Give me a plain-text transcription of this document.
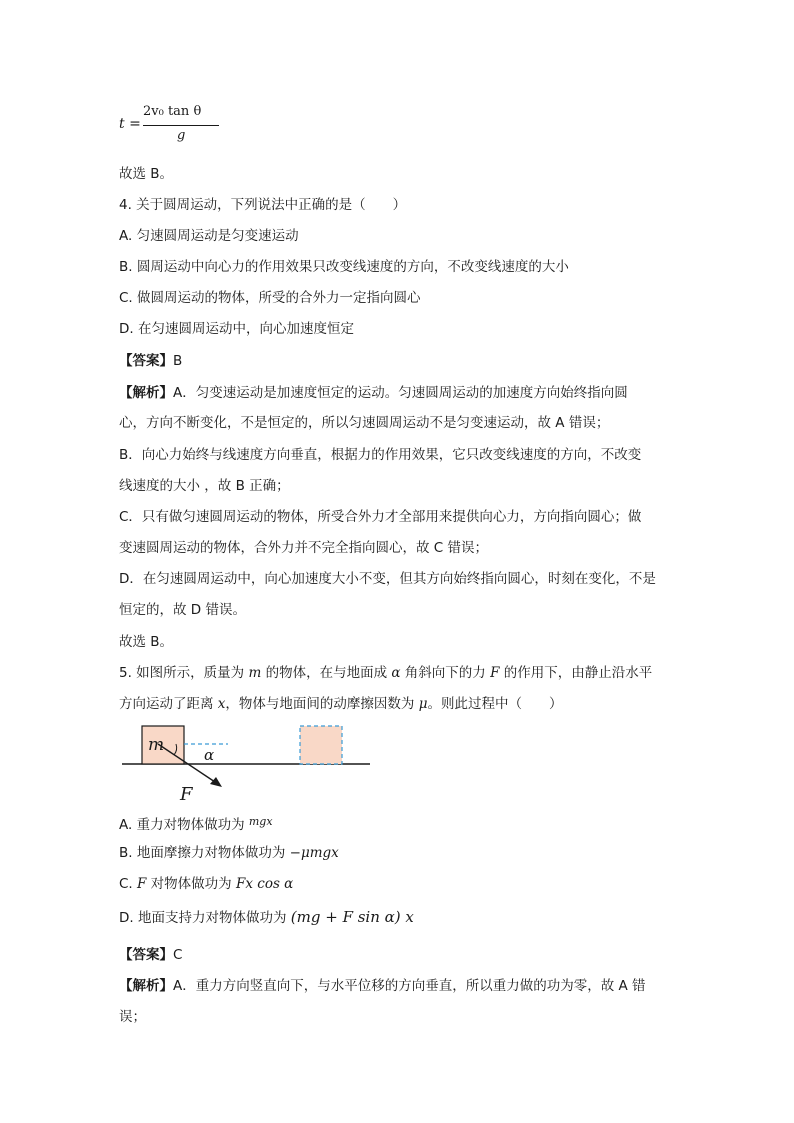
t =
2v₀ tan θ
g
故选 B。
4. 关于圆周运动，下列说法中正确的是（　　）
A. 匀速圆周运动是匀变速运动
B. 圆周运动中向心力的作用效果只改变线速度的方向，不改变线速度的大小
C. 做圆周运动的物体，所受的合外力一定指向圆心
D. 在匀速圆周运动中，向心加速度恒定
【答案】B
【解析】A．匀变速运动是加速度恒定的运动。匀速圆周运动的加速度方向始终指向圆
心，方向不断变化，不是恒定的，所以匀速圆周运动不是匀变速运动，故 A 错误；
B．向心力始终与线速度方向垂直，根据力的作用效果，它只改变线速度的方向，不改变
线速度的大小 ，故 B 正确；
C．只有做匀速圆周运动的物体，所受合外力才全部用来提供向心力，方向指向圆心；做
变速圆周运动的物体，合外力并不完全指向圆心，故 C 错误；
D．在匀速圆周运动中，向心加速度大小不变，但其方向始终指向圆心，时刻在变化，不是
恒定的，故 D 错误。
故选 B。
5. 如图所示，质量为 m 的物体，在与地面成 α 角斜向下的力 F 的作用下，由静止沿水平
方向运动了距离 x，物体与地面间的动摩擦因数为 μ。则此过程中（　　）
m	α
F
A. 重力对物体做功为 $^{mgx}$
B. 地面摩擦力对物体做功为 −μmgx
C. F 对物体做功为 Fx cos α
D. 地面支持力对物体做功为 (mg + F sin α) x
【答案】C
【解析】A．重力方向竖直向下，与水平位移的方向垂直，所以重力做的功为零，故 A 错
误；
